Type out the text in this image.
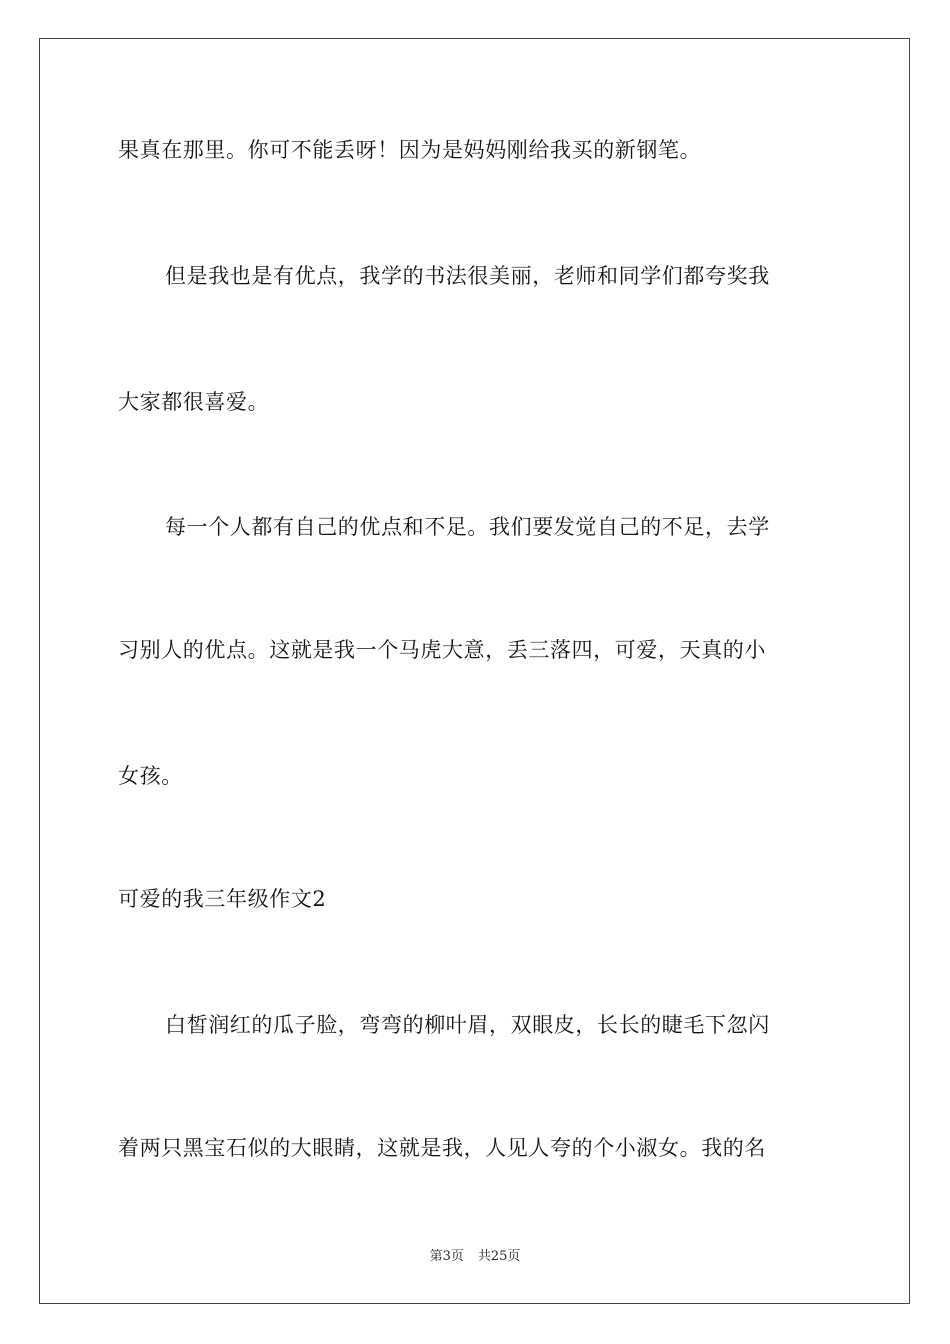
果真在那里。你可不能丢呀！因为是妈妈刚给我买的新钢笔。
但是我也是有优点，我学的书法很美丽，老师和同学们都夸奖我
大家都很喜爱。
每一个人都有自己的优点和不足。我们要发觉自己的不足，去学
习别人的优点。这就是我一个马虎大意，丢三落四，可爱，天真的小
女孩。
可爱的我三年级作文2
白皙润红的瓜子脸，弯弯的柳叶眉，双眼皮，长长的睫毛下忽闪
着两只黑宝石似的大眼睛，这就是我，人见人夸的个小淑女。我的名
第3页 共25页
